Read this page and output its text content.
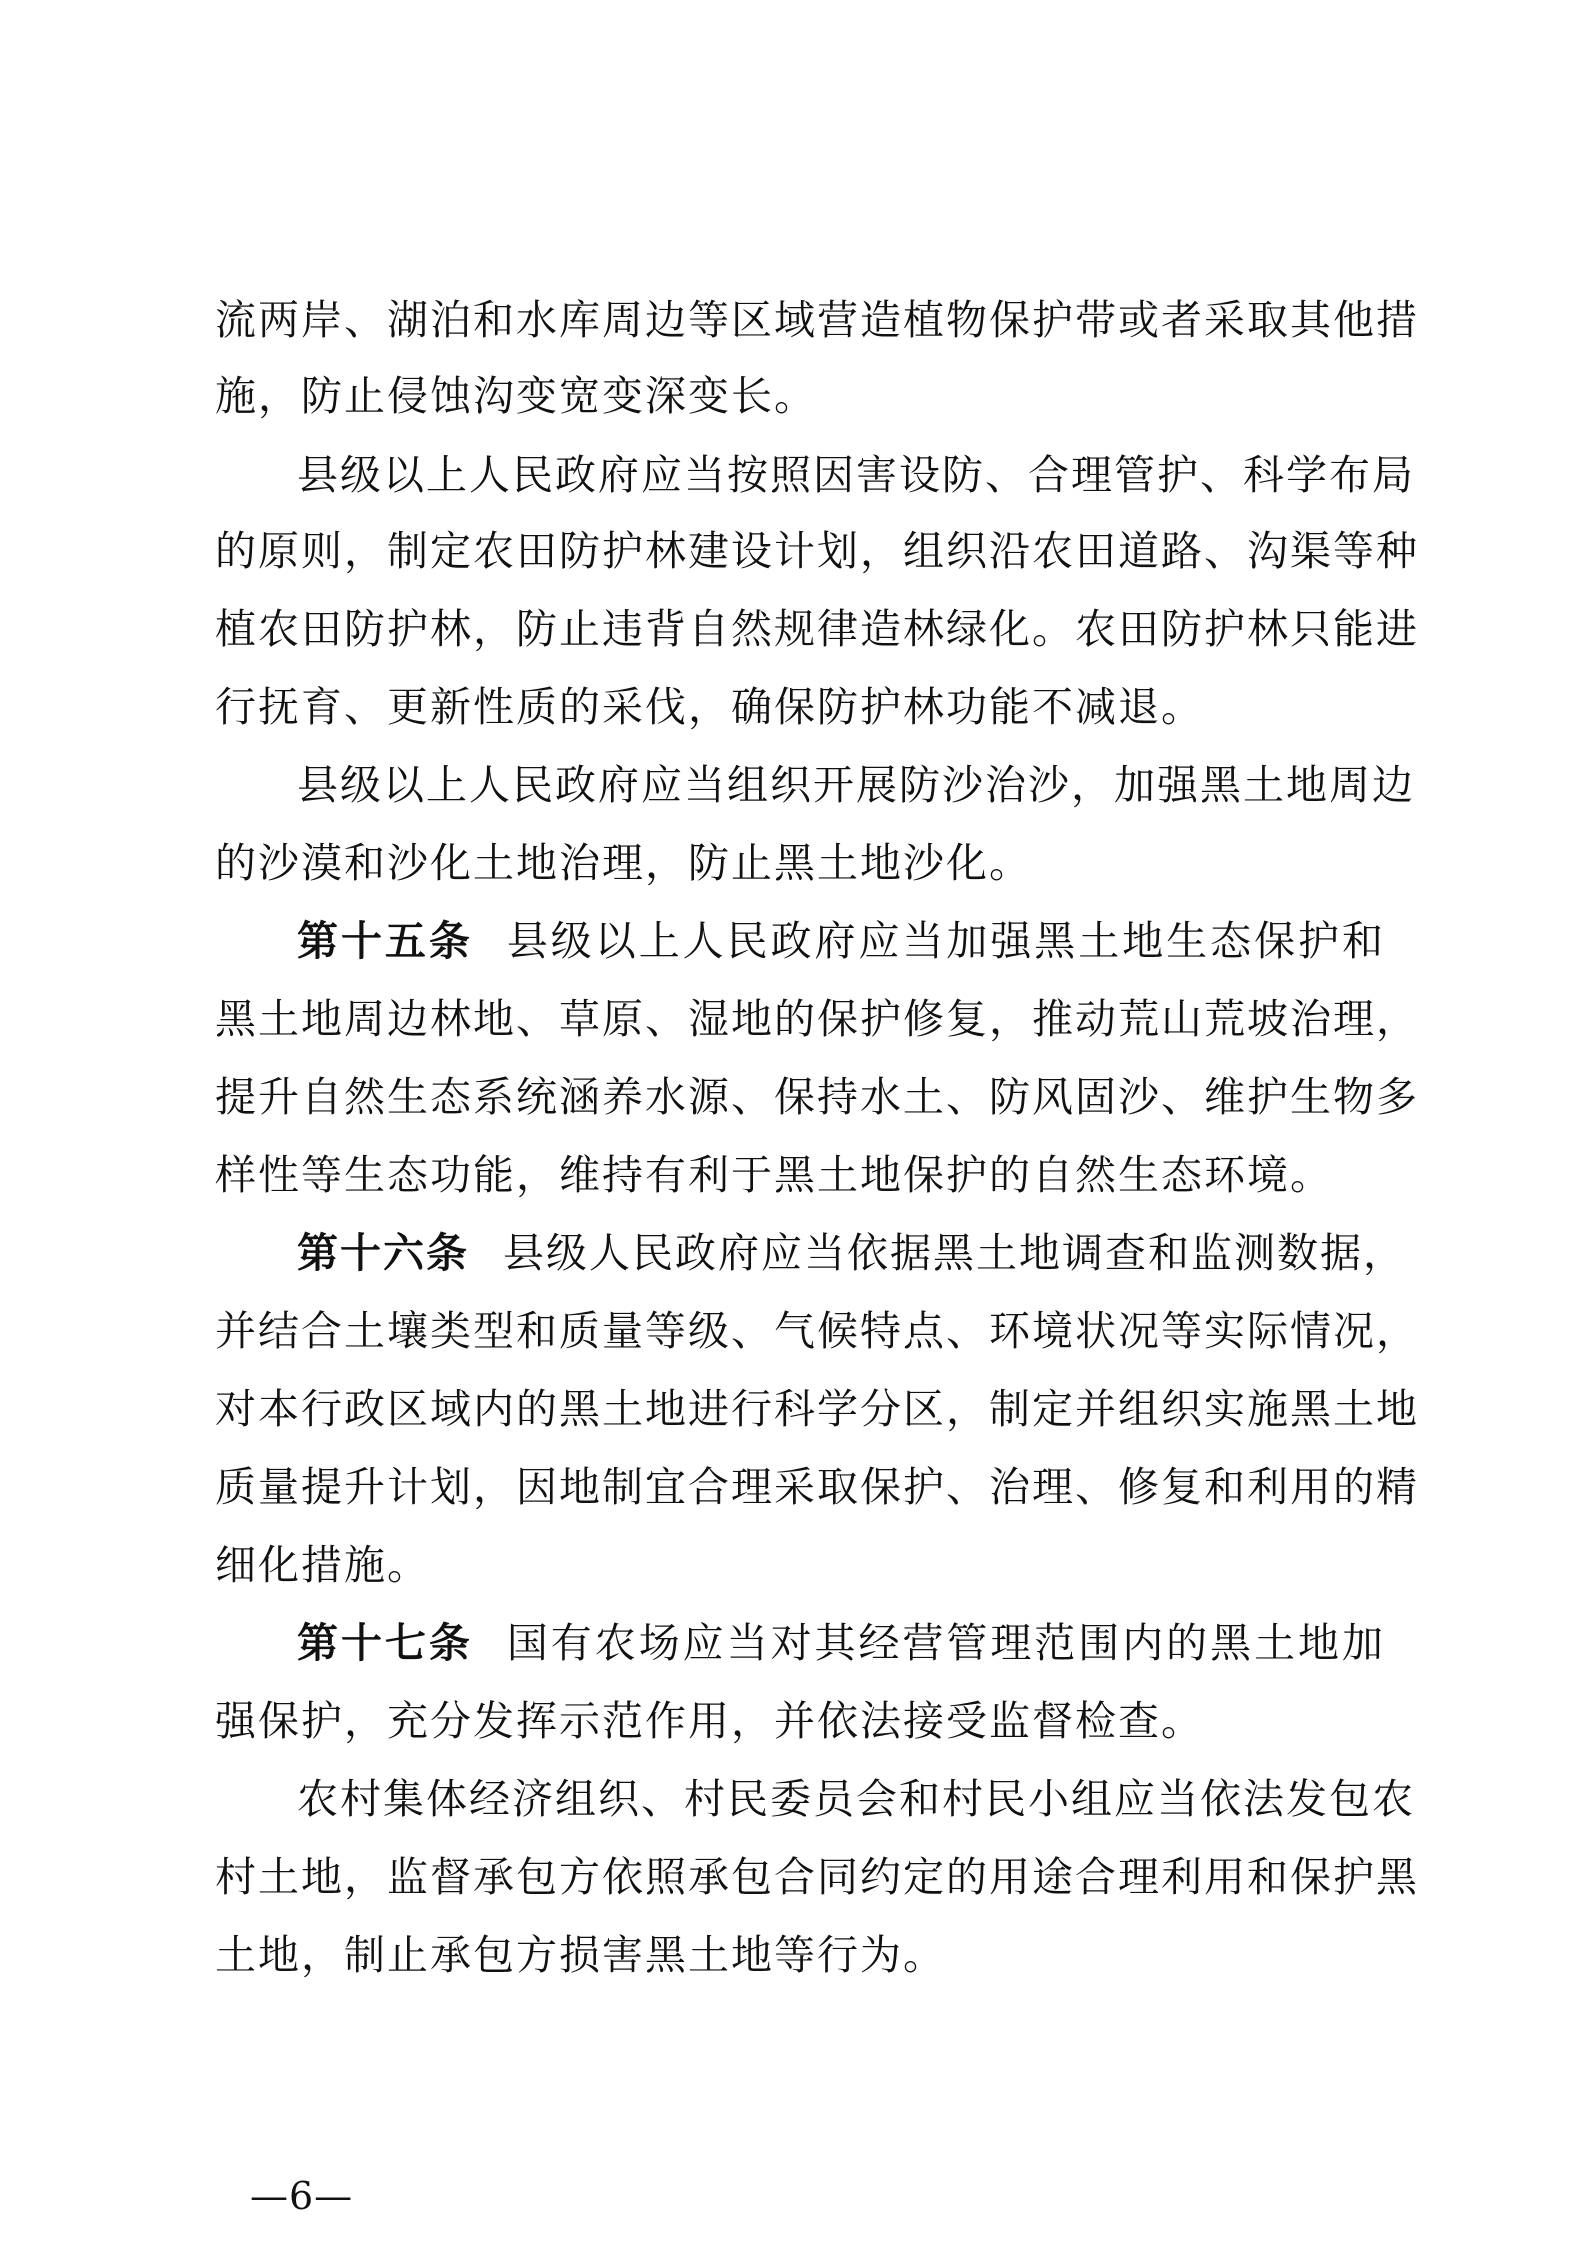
流两岸、湖泊和水库周边等区域营造植物保护带或者采取其他措
施，防止侵蚀沟变宽变深变长。
县级以上人民政府应当按照因害设防、合理管护、科学布局
的原则，制定农田防护林建设计划，组织沿农田道路、沟渠等种
植农田防护林，防止违背自然规律造林绿化。农田防护林只能进
行抚育、更新性质的采伐，确保防护林功能不减退。
县级以上人民政府应当组织开展防沙治沙，加强黑土地周边
的沙漠和沙化土地治理，防止黑土地沙化。
第十五条 县级以上人民政府应当加强黑土地生态保护和
黑土地周边林地、草原、湿地的保护修复，推动荒山荒坡治理，
提升自然生态系统涵养水源、保持水土、防风固沙、维护生物多
样性等生态功能，维持有利于黑土地保护的自然生态环境。
第十六条 县级人民政府应当依据黑土地调查和监测数据，
并结合土壤类型和质量等级、气候特点、环境状况等实际情况，
对本行政区域内的黑土地进行科学分区，制定并组织实施黑土地
质量提升计划，因地制宜合理采取保护、治理、修复和利用的精
细化措施。
第十七条 国有农场应当对其经营管理范围内的黑土地加
强保护，充分发挥示范作用，并依法接受监督检查。
农村集体经济组织、村民委员会和村民小组应当依法发包农
村土地，监督承包方依照承包合同约定的用途合理利用和保护黑
土地，制止承包方损害黑土地等行为。
—6—
